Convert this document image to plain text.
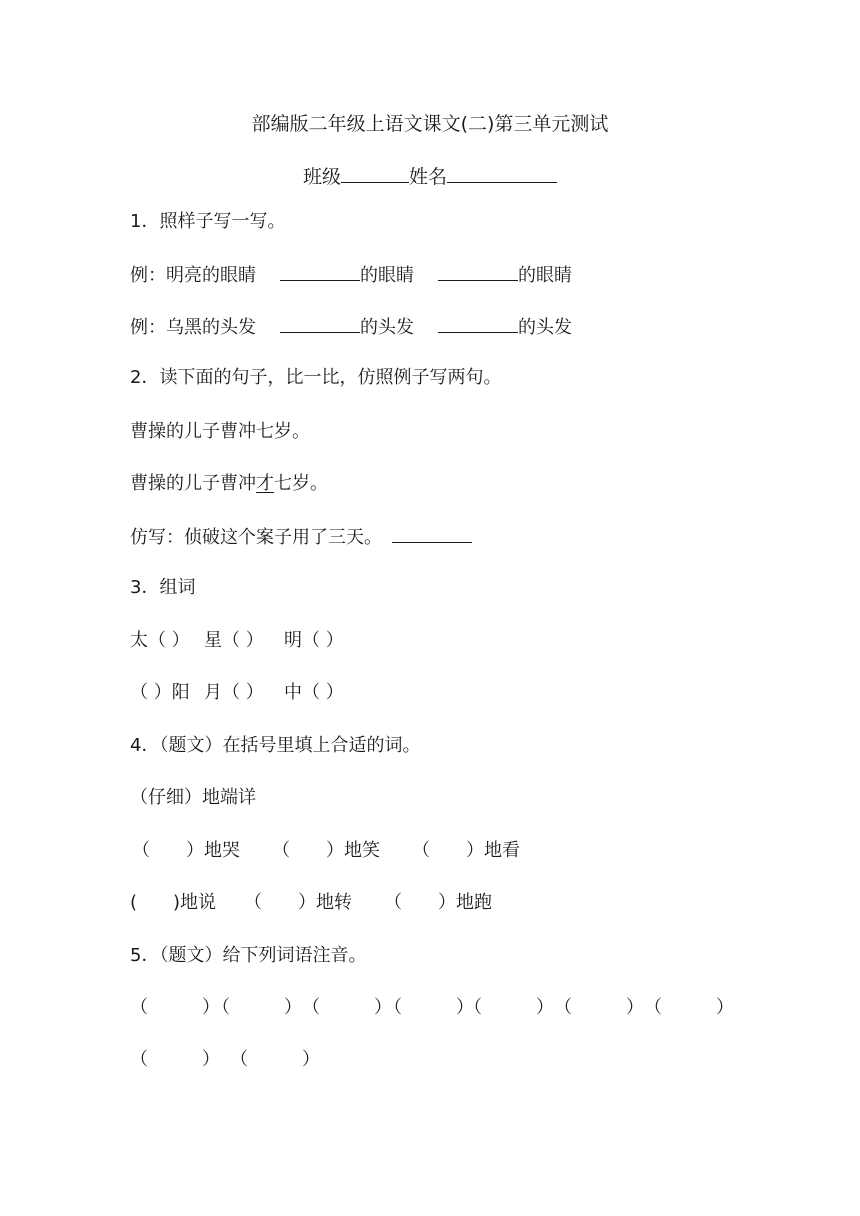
部编版二年级上语文课文(二)第三单元测试
班级	姓名
1．照样子写一写。
例：明亮的眼睛	的眼睛	的眼睛
例：乌黑的头发	的头发	的头发
2．读下面的句子，比一比，仿照例子写两句。
曹操的儿子曹冲七岁。
曹操的儿子曹冲才七岁。
仿写：侦破这个案子用了三天。
3．组词
太（ ） 星（ ） 明（ ）
（ ）阳 月（ ） 中（ ）
4．（题文）在括号里填上合适的词。
（仔细）地端详
（　　）地哭 （　　）地笑 （　　）地看
(　　)地说 （　　）地转 （　　）地跑
5．（题文）给下列词语注音。
（　　　）
（　　　） （　　　）
（　　　）
（　　　） （　　　） （　　　）
（　　　） （　　　）
